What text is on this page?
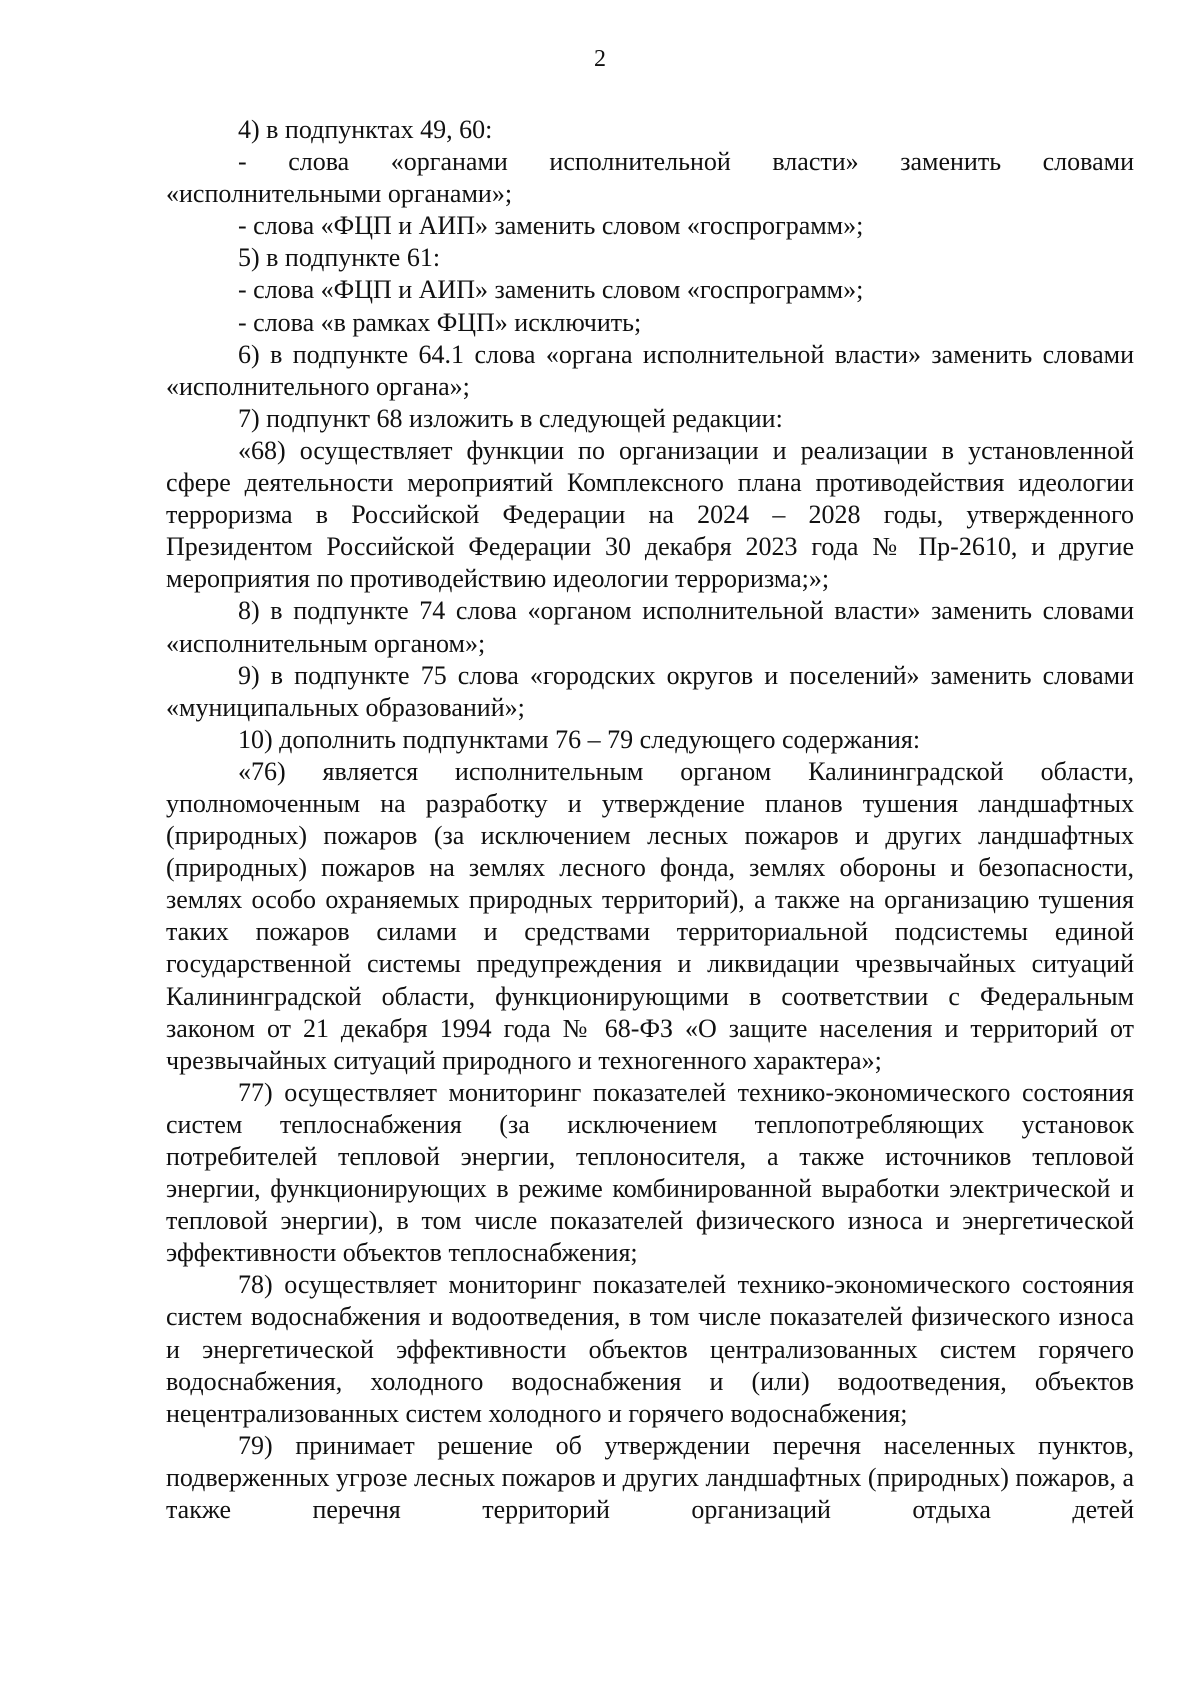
2

4) в подпунктах 49, 60:

- слова «органами исполнительной власти» заменить словами «исполнительными органами»;

- слова «ФЦП и АИП» заменить словом «госпрограмм»;

5) в подпункте 61:

- слова «ФЦП и АИП» заменить словом «госпрограмм»;

- слова «в рамках ФЦП» исключить;

6) в подпункте 64.1 слова «органа исполнительной власти» заменить словами «исполнительного органа»;

7) подпункт 68 изложить в следующей редакции:

«68) осуществляет функции по организации и реализации в установленной сфере деятельности мероприятий Комплексного плана противодействия идеологии терроризма в Российской Федерации на 2024 – 2028 годы, утвержденного Президентом Российской Федерации 30 декабря 2023 года № Пр-2610, и другие мероприятия по противодействию идеологии терроризма;»;

8) в подпункте 74 слова «органом исполнительной власти» заменить словами «исполнительным органом»;

9) в подпункте 75 слова «городских округов и поселений» заменить словами «муниципальных образований»;

10) дополнить подпунктами 76 – 79 следующего содержания:

«76) является исполнительным органом Калининградской области, уполномоченным на разработку и утверждение планов тушения ландшафтных (природных) пожаров (за исключением лесных пожаров и других ландшафтных (природных) пожаров на землях лесного фонда, землях обороны и безопасности, землях особо охраняемых природных территорий), а также на организацию тушения таких пожаров силами и средствами территориальной подсистемы единой государственной системы предупреждения и ликвидации чрезвычайных ситуаций Калининградской области, функционирующими в соответствии с Федеральным законом от 21 декабря 1994 года № 68-ФЗ «О защите населения и территорий от чрезвычайных ситуаций природного и техногенного характера»;

77) осуществляет мониторинг показателей технико-экономического состояния систем теплоснабжения (за исключением теплопотребляющих установок потребителей тепловой энергии, теплоносителя, а также источников тепловой энергии, функционирующих в режиме комбинированной выработки электрической и тепловой энергии), в том числе показателей физического износа и энергетической эффективности объектов теплоснабжения;

78) осуществляет мониторинг показателей технико-экономического состояния систем водоснабжения и водоотведения, в том числе показателей физического износа и энергетической эффективности объектов централизованных систем горячего водоснабжения, холодного водоснабжения и (или) водоотведения, объектов нецентрализованных систем холодного и горячего водоснабжения;

79) принимает решение об утверждении перечня населенных пунктов, подверженных угрозе лесных пожаров и других ландшафтных (природных) пожаров, а также перечня территорий организаций отдыха детей
